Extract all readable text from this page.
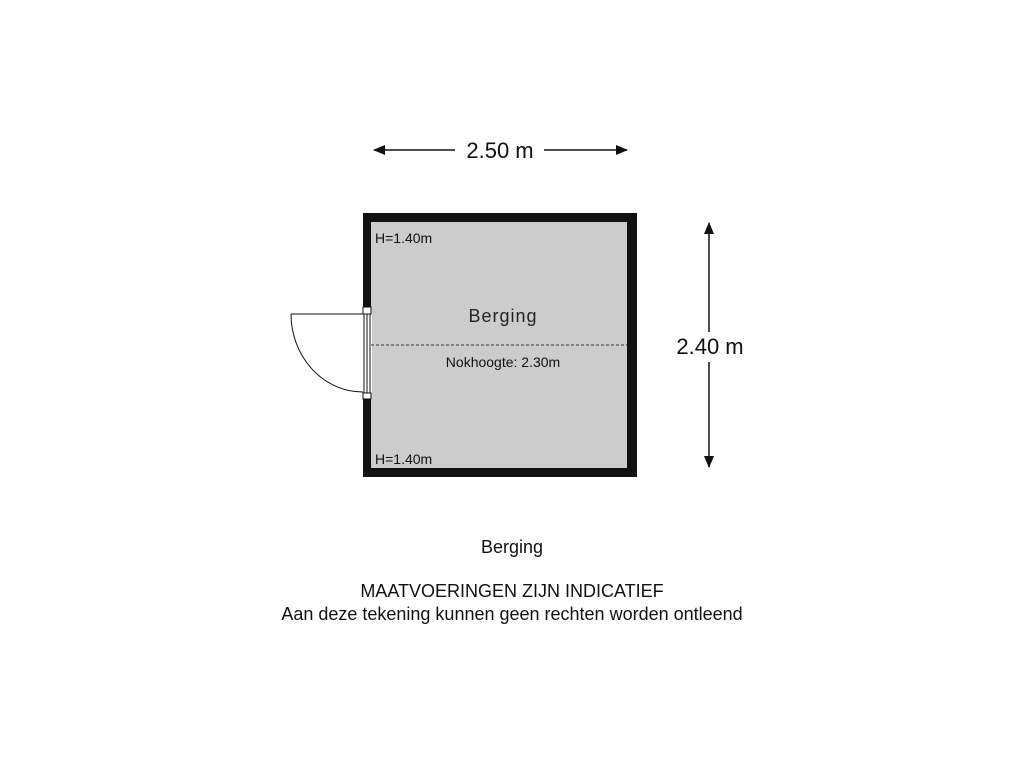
2.50 m
2.40 m
H=1.40m
Berging
Nokhoogte: 2.30m
H=1.40m
Berging
MAATVOERINGEN ZIJN INDICATIEF
Aan deze tekening kunnen geen rechten worden ontleend
